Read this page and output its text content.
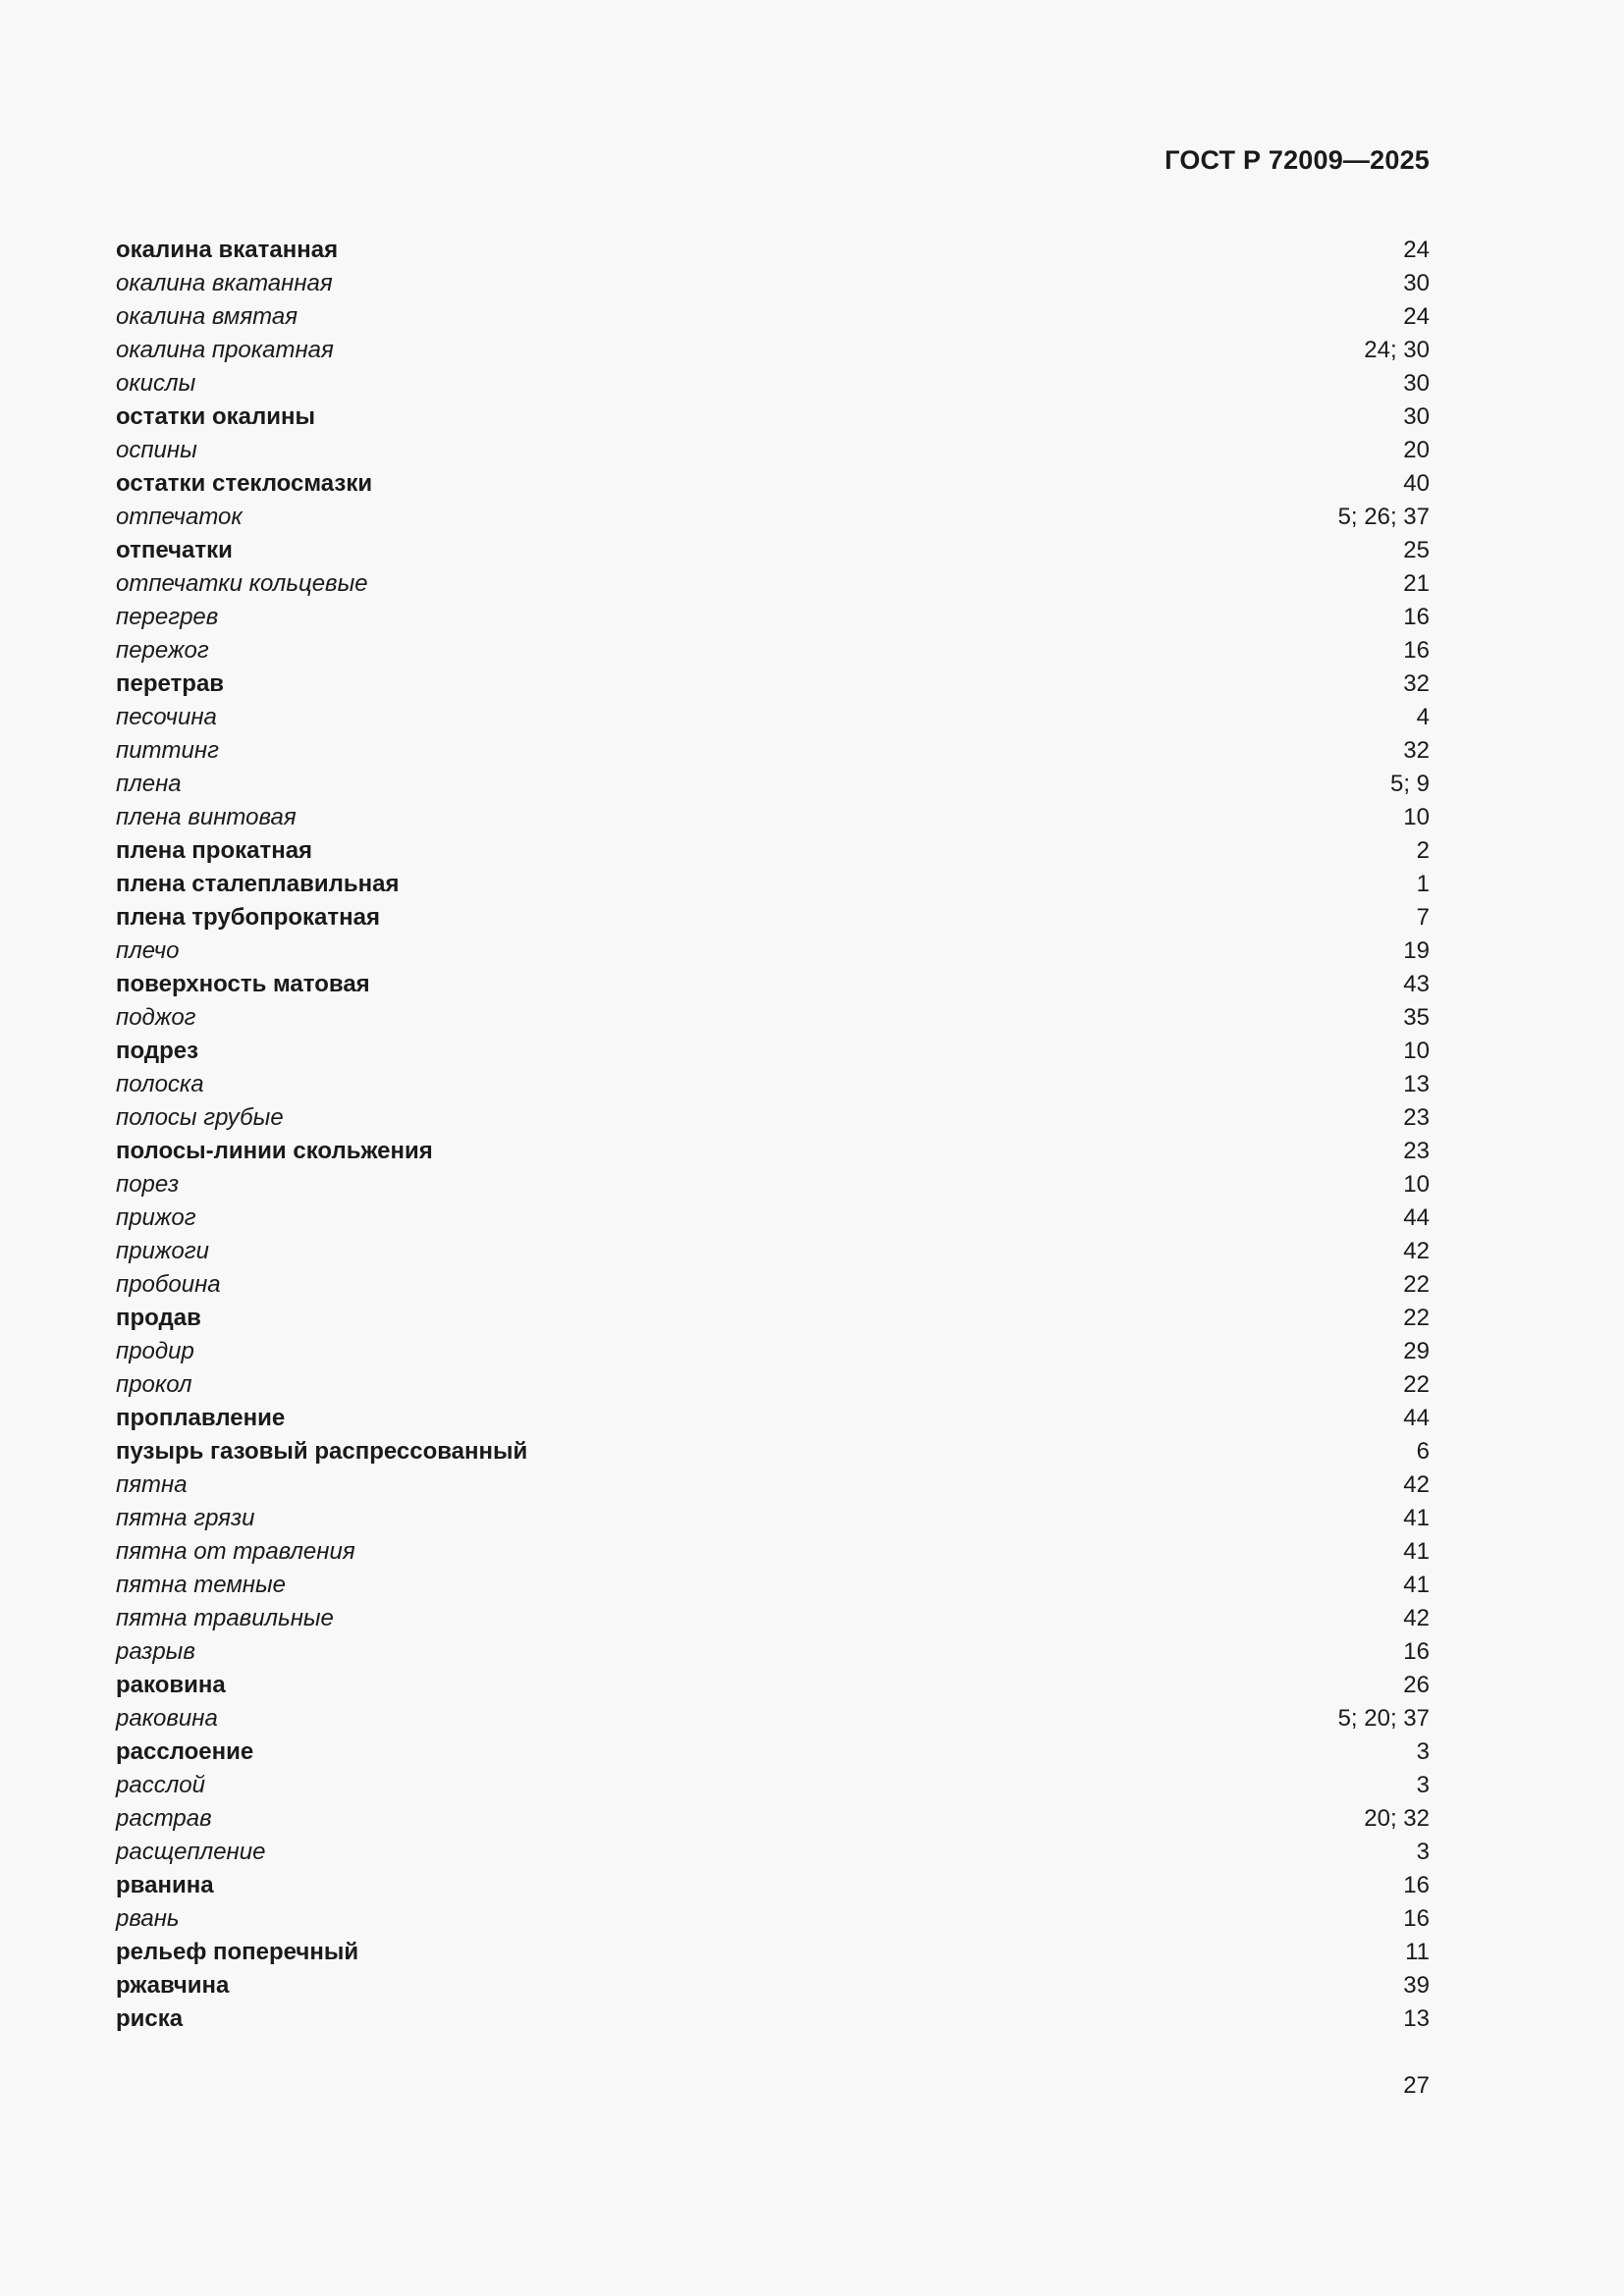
ГОСТ Р 72009—2025
окалина вкатанная	24
окалина вкатанная	30
окалина вмятая	24
окалина прокатная	24; 30
окислы	30
остатки окалины	30
оспины	20
остатки стеклосмазки	40
отпечаток	5; 26; 37
отпечатки	25
отпечатки кольцевые	21
перегрев	16
пережог	16
перетрав	32
песочина	4
питтинг	32
плена	5; 9
плена винтовая	10
плена прокатная	2
плена сталеплавильная	1
плена трубопрокатная	7
плечо	19
поверхность матовая	43
поджог	35
подрез	10
полоска	13
полосы грубые	23
полосы-линии скольжения	23
порез	10
прижог	44
прижоги	42
пробоина	22
продав	22
продир	29
прокол	22
проплавление	44
пузырь газовый распрессованный	6
пятна	42
пятна грязи	41
пятна от травления	41
пятна темные	41
пятна травильные	42
разрыв	16
раковина	26
раковина	5; 20; 37
расслоение	3
расслой	3
растрав	20; 32
расщепление	3
рванина	16
рвань	16
рельеф поперечный	11
ржавчина	39
риска	13
27
